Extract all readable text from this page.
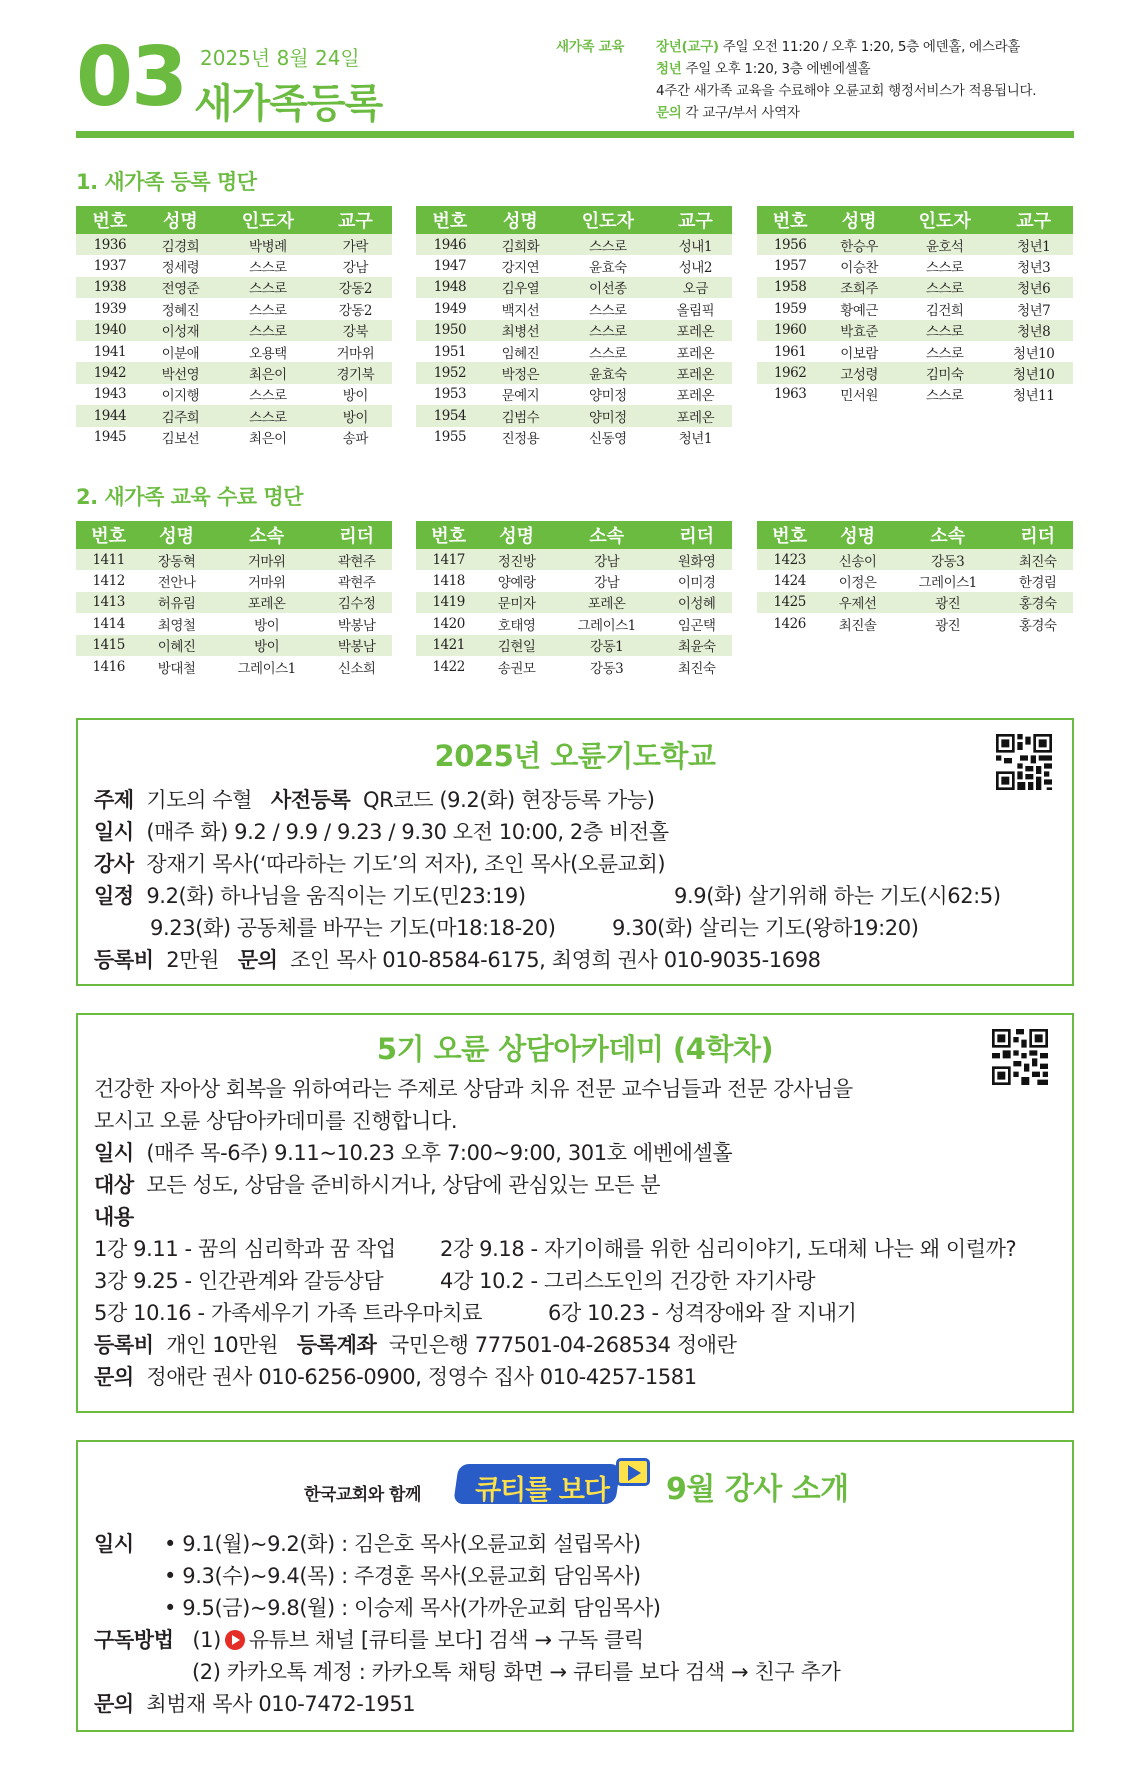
03 2025년 8월 24일
새가족등록
새가족 교육 장년(교구) 주일 오전 11:20 / 오후 1:20, 5층 에덴홀, 에스라홀
청년 주일 오후 1:20, 3층 에벤에셀홀
4주간 새가족 교육을 수료해야 오륜교회 행정서비스가 적용됩니다.
문의 각 교구/부서 사역자
1. 새가족 등록 명단
번호	성명	인도자	교구
1936	김경희	박병례	가락
1937	정세령	스스로	강남
1938	전영준	스스로	강동2
1939	정혜진	스스로	강동2
1940	이성재	스스로	강북
1941	이분애	오용택	거마위
1942	박선영	최은이	경기북
1943	이지행	스스로	방이
1944	김주희	스스로	방이
1945	김보선	최은이	송파
번호	성명	인도자	교구
1946	김희화	스스로	성내1
1947	강지연	윤효숙	성내2
1948	김우열	이선종	오금
1949	백지선	스스로	올림픽
1950	최병선	스스로	포레온
1951	임혜진	스스로	포레온
1952	박정은	윤효숙	포레온
1953	문예지	양미정	포레온
1954	김범수	양미정	포레온
1955	진정용	신동영	청년1
번호	성명	인도자	교구
1956	한승우	윤호석	청년1
1957	이승찬	스스로	청년3
1958	조희주	스스로	청년6
1959	황예근	김건희	청년7
1960	박효준	스스로	청년8
1961	이보람	스스로	청년10
1962	고성령	김미숙	청년10
1963	민서원	스스로	청년11
2. 새가족 교육 수료 명단
번호	성명	소속	리더
1411	장동혁	거마위	곽현주
1412	전안나	거마위	곽현주
1413	허유림	포레온	김수정
1414	최영철	방이	박봉남
1415	이혜진	방이	박봉남
1416	방대철	그레이스1	신소희
번호	성명	소속	리더
1417	정진방	강남	원화영
1418	양예랑	강남	이미경
1419	문미자	포레온	이성혜
1420	호태영	그레이스1	임곤택
1421	김현일	강동1	최윤숙
1422	송권모	강동3	최진숙
번호	성명	소속	리더
1423	신송이	강동3	최진숙
1424	이정은	그레이스1	한경림
1425	우제선	광진	홍경숙
1426	최진솔	광진	홍경숙
2025년 오륜기도학교
주제 기도의 수혈 사전등록 QR코드 (9.2(화) 현장등록 가능)
일시 (매주 화) 9.2 / 9.9 / 9.23 / 9.30 오전 10:00, 2층 비전홀
강사 장재기 목사(‘따라하는 기도’의 저자), 조인 목사(오륜교회)
일정 9.2(화) 하나님을 움직이는 기도(민23:19)	9.9(화) 살기위해 하는 기도(시62:5)
9.23(화) 공동체를 바꾸는 기도(마18:18-20)	9.30(화) 살리는 기도(왕하19:20)
등록비 2만원 문의 조인 목사 010-8584-6175, 최영희 권사 010-9035-1698
5기 오륜 상담아카데미 (4학차)
건강한 자아상 회복을 위하여라는 주제로 상담과 치유 전문 교수님들과 전문 강사님을
모시고 오륜 상담아카데미를 진행합니다.
일시 (매주 목-6주) 9.11~10.23 오후 7:00~9:00, 301호 에벤에셀홀
대상 모든 성도, 상담을 준비하시거나, 상담에 관심있는 모든 분
내용
1강 9.11 - 꿈의 심리학과 꿈 작업 2강 9.18 - 자기이해를 위한 심리이야기, 도대체 나는 왜 이럴까?
3강 9.25 - 인간관계와 갈등상담	4강 10.2 - 그리스도인의 건강한 자기사랑
5강 10.16 - 가족세우기 가족 트라우마치료	6강 10.23 - 성격장애와 잘 지내기
등록비 개인 10만원 등록계좌 국민은행 777501-04-268534 정애란
문의 정애란 권사 010-6256-0900, 정영수 집사 010-4257-1581
한국교회와 함께	큐티를 보다	9월 강사 소개
일시 • 9.1(월)~9.2(화) : 김은호 목사(오륜교회 설립목사)
• 9.3(수)~9.4(목) : 주경훈 목사(오륜교회 담임목사)
• 9.5(금)~9.8(월) : 이승제 목사(가까운교회 담임목사)
구독방법 (1) 유튜브 채널 [큐티를 보다] 검색 → 구독 클릭
(2) 카카오톡 계정 : 카카오톡 채팅 화면 → 큐티를 보다 검색 → 친구 추가
문의 최범재 목사 010-7472-1951
